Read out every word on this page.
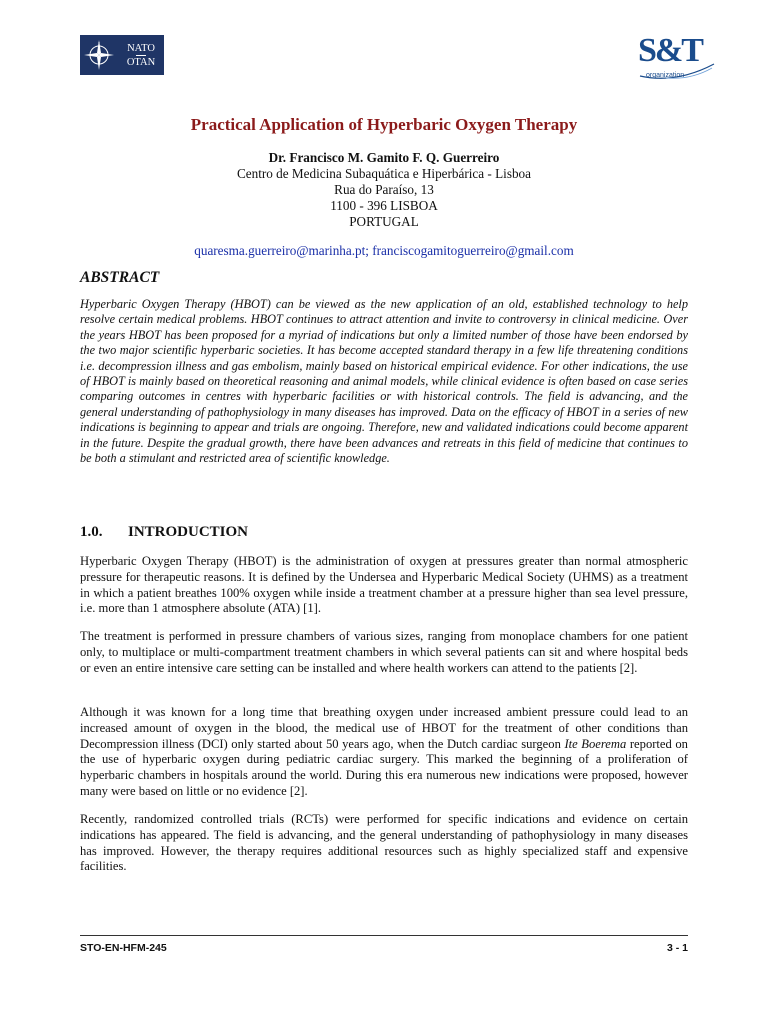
NATO
OTAN	S&T
organization
Practical Application of Hyperbaric Oxygen Therapy
Dr. Francisco M. Gamito F. Q. Guerreiro
Centro de Medicina Subaquática e Hiperbárica - Lisboa
Rua do Paraíso, 13
1100 - 396 LISBOA
PORTUGAL
quaresma.guerreiro@marinha.pt; franciscogamitoguerreiro@gmail.com
ABSTRACT
Hyperbaric Oxygen Therapy (HBOT) can be viewed as the new application of an old, established technology to help resolve certain medical problems. HBOT continues to attract attention and invite to controversy in clinical medicine. Over the years HBOT has been proposed for a myriad of indications but only a limited number of those have been endorsed by the two major scientific hyperbaric societies. It has become accepted standard therapy in a few life threatening conditions i.e. decompression illness and gas embolism, mainly based on historical empirical evidence. For other indications, the use of HBOT is mainly based on theoretical reasoning and animal models, while clinical evidence is often based on case series comparing outcomes in centres with hyperbaric facilities or with historical controls. The field is advancing, and the general understanding of pathophysiology in many diseases has improved. Data on the efficacy of HBOT in a series of new indications is beginning to appear and trials are ongoing. Therefore, new and validated indications could become apparent in the future. Despite the gradual growth, there have been advances and retreats in this field of medicine that continues to be both a stimulant and restricted area of scientific knowledge.
1.0. INTRODUCTION
Hyperbaric Oxygen Therapy (HBOT) is the administration of oxygen at pressures greater than normal atmospheric pressure for therapeutic reasons. It is defined by the Undersea and Hyperbaric Medical Society (UHMS) as a treatment in which a patient breathes 100% oxygen while inside a treatment chamber at a pressure higher than sea level pressure, i.e. more than 1 atmosphere absolute (ATA) [1].
The treatment is performed in pressure chambers of various sizes, ranging from monoplace chambers for one patient only, to multiplace or multi-compartment treatment chambers in which several patients can sit and where hospital beds or even an entire intensive care setting can be installed and where health workers can attend to the patients [2].
Although it was known for a long time that breathing oxygen under increased ambient pressure could lead to an increased amount of oxygen in the blood, the medical use of HBOT for the treatment of other conditions than Decompression illness (DCI) only started about 50 years ago, when the Dutch cardiac surgeon Ite Boerema reported on the use of hyperbaric oxygen during pediatric cardiac surgery. This marked the beginning of a proliferation of hyperbaric chambers in hospitals around the world. During this era numerous new indications were proposed, however many were based on little or no evidence [2].
Recently, randomized controlled trials (RCTs) were performed for specific indications and evidence on certain indications has appeared. The field is advancing, and the general understanding of pathophysiology in many diseases has improved. However, the therapy requires additional resources such as highly specialized staff and expensive facilities.
STO-EN-HFM-245	3 - 1
